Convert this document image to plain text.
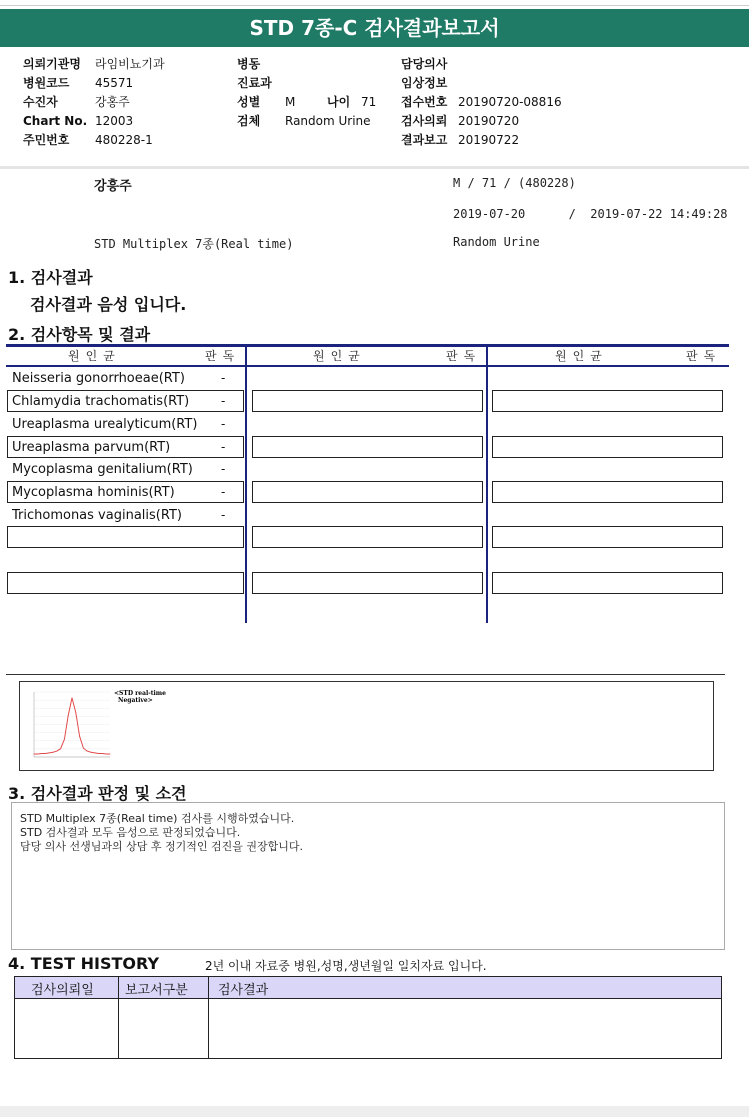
STD 7종-C 검사결과보고서
의뢰기관명 라임비뇨기과
병원코드 45571
수진자	강홍주
Chart No. 12003
주민번호 480228-1
병동
진료과
성별 M	나이 71
검체 Random Urine
담당의사
임상정보
접수번호 20190720-08816
검사의뢰 20190720
결과보고 20190722
강흥주	M / 71 / (480228)
2019-07-20      /  2019-07-22 14:49:28
STD Multiplex 7종(Real time)	Random Urine
1. 검사결과
검사결과 음성 입니다.
2. 검사항목 및 결과
원인균	판독	원인균	판독	원인균	판독
Neisseria gonorrhoeae(RT)	-
Chlamydia trachomatis(RT)	-
Ureaplasma urealyticum(RT) -
Ureaplasma parvum(RT)	-
Mycoplasma genitalium(RT) -
Mycoplasma hominis(RT)	-
Trichomonas vaginalis(RT)	-
<STD real-time
Negative>
3. 검사결과 판정 및 소견
STD Multiplex 7종(Real time) 검사를 시행하였습니다.
STD 검사결과 모두 음성으로 판정되었습니다.
담당 의사 선생님과의 상담 후 정기적인 검진을 권장합니다.
4. TEST HISTORY	2년 이내 자료중 병원,성명,생년월일 일치자료 입니다.
검사의뢰일 보고서구분 검사결과
